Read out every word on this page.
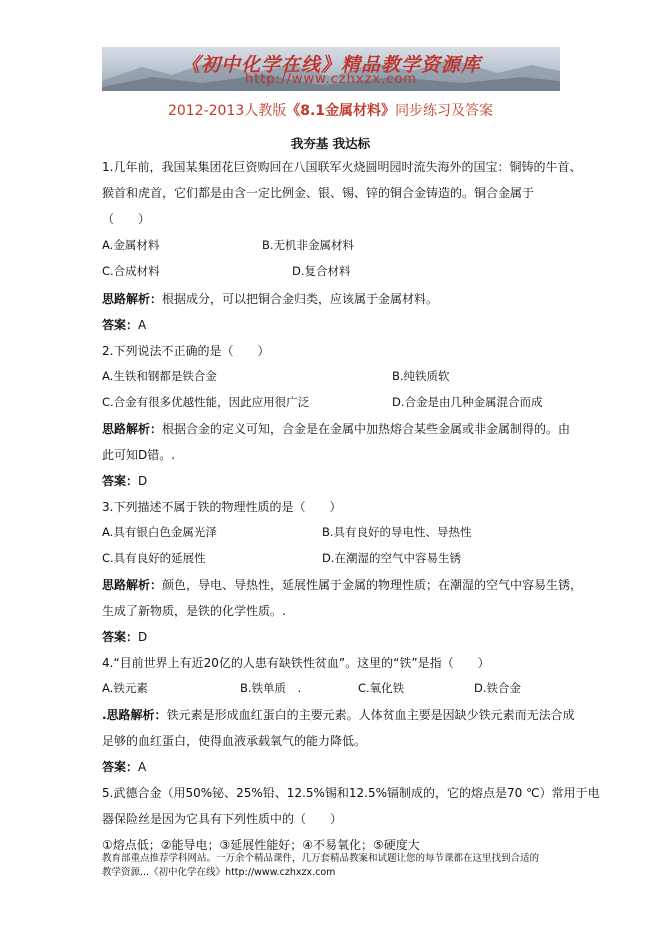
《初中化学在线》精品教学资源库
http://www.czhxzx.com
2012-2013人教版《8.1金属材料》同步练习及答案
我夯基 我达标
1.几年前，我国某集团花巨资购回在八国联军火烧圆明园时流失海外的国宝：铜铸的牛首、
猴首和虎首，它们都是由含一定比例金、银、锡、锌的铜合金铸造的。铜合金属于
（　　）
A.金属材料	B.无机非金属材料
C.合成材料	D.复合材料
思路解析：根据成分，可以把铜合金归类，应该属于金属材料。
答案：A
2.下列说法不正确的是（　　）
A.生铁和钢都是铁合金	B.纯铁质软
C.合金有很多优越性能，因此应用很广泛	D.合金是由几种金属混合而成
思路解析：根据合金的定义可知，合金是在金属中加热熔合某些金属或非金属制得的。由
此可知D错。.
答案：D
3.下列描述不属于铁的物理性质的是（　　）
A.具有银白色金属光泽	B.具有良好的导电性、导热性
C.具有良好的延展性	D.在潮湿的空气中容易生锈
思路解析：颜色，导电、导热性，延展性属于金属的物理性质；在潮湿的空气中容易生锈，
生成了新物质，是铁的化学性质。.
答案：D
4.“目前世界上有近20亿的人患有缺铁性贫血”。这里的“铁”是指（　　）
A.铁元素	B.铁单质　.	C.氧化铁	D.铁合金
.思路解析：铁元素是形成血红蛋白的主要元素。人体贫血主要是因缺少铁元素而无法合成
足够的血红蛋白，使得血液承载氧气的能力降低。
答案：A
5.武德合金（用50%铋、25%铅、12.5%锡和12.5%镉制成的，它的熔点是70 ℃）常用于电
器保险丝是因为它具有下列性质中的（　　）
①熔点低；②能导电；③延展性能好；④不易氧化；⑤硬度大
教育部重点推荐学科网站。一万余个精品课件，几万套精品教案和试题让您的每节课都在这里找到合适的
教学资源...《初中化学在线》http://www.czhxzx.com
